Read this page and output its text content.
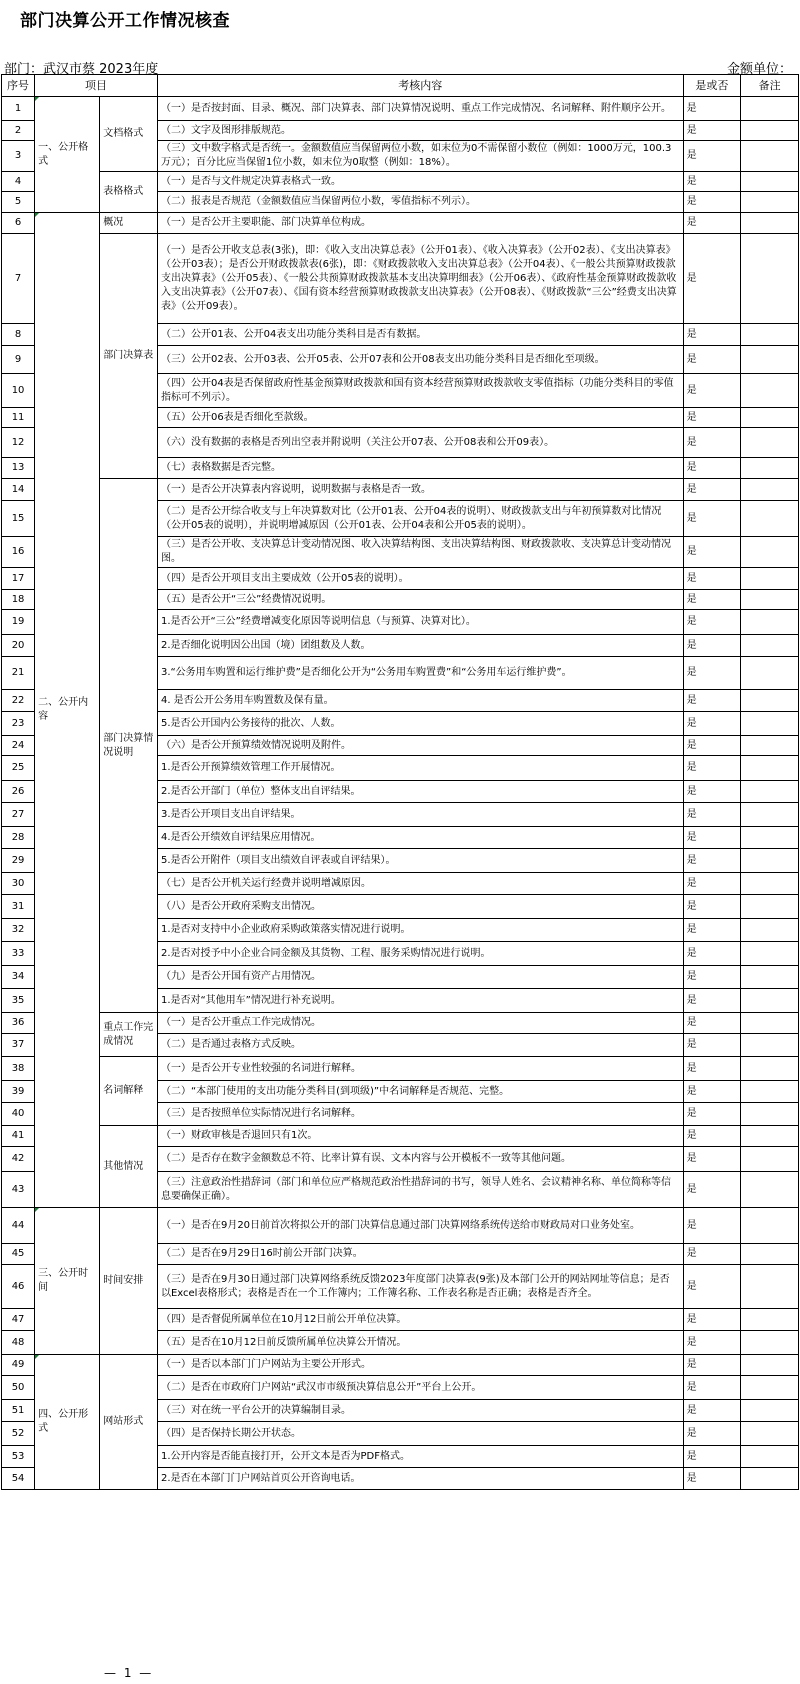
部门决算公开工作情况核查
部门：武汉市蔡 2023年度	金额单位：
序号	项目		考核内容	是或否	备注
1	一、公开格式	文档格式	（一）是否按封面、目录、概况、部门决算表、部门决算情况说明、重点工作完成情况、名词解释、附件顺序公开。	是	
2			（二）文字及图形排版规范。	是	
3			（三）文中数字格式是否统一。金额数值应当保留两位小数，如末位为0不需保留小数位（例如：1000万元，100.3万元）；百分比应当保留1位小数，如末位为0取整（例如：18%）。	是	
4		表格格式	（一）是否与文件规定决算表格式一致。	是	
5			（二）报表是否规范（金额数值应当保留两位小数，零值指标不列示）。	是	
6	二、公开内容	概况	（一）是否公开主要职能、部门决算单位构成。	是	
7		部门决算表	（一）是否公开收支总表(3张)，即：《收入支出决算总表》（公开01表）、《收入决算表》（公开02表）、《支出决算表》（公开03表）；是否公开财政拨款表(6张)，即：《财政拨款收入支出决算总表》（公开04表）、《一般公共预算财政拨款支出决算表》（公开05表）、《一般公共预算财政拨款基本支出决算明细表》（公开06表）、《政府性基金预算财政拨款收入支出决算表》（公开07表）、《国有资本经营预算财政拨款支出决算表》（公开08表）、《财政拨款“三公”经费支出决算表》（公开09表）。	是	
8			（二）公开01表、公开04表支出功能分类科目是否有数据。	是	
9			（三）公开02表、公开03表、公开05表、公开07表和公开08表支出功能分类科目是否细化至项级。	是	
10			（四）公开04表是否保留政府性基金预算财政拨款和国有资本经营预算财政拨款收支零值指标（功能分类科目的零值指标可不列示）。	是	
11			（五）公开06表是否细化至款级。	是	
12			（六）没有数据的表格是否列出空表并附说明（关注公开07表、公开08表和公开09表）。	是	
13			（七）表格数据是否完整。	是	
14		部门决算情况说明	（一）是否公开决算表内容说明，说明数据与表格是否一致。	是	
15			（二）是否公开综合收支与上年决算数对比（公开01表、公开04表的说明）、财政拨款支出与年初预算数对比情况（公开05表的说明），并说明增减原因（公开01表、公开04表和公开05表的说明）。	是	
16			（三）是否公开收、支决算总计变动情况图、收入决算结构图、支出决算结构图、财政拨款收、支决算总计变动情况图。	是	
17			（四）是否公开项目支出主要成效（公开05表的说明）。	是	
18			（五）是否公开“三公”经费情况说明。	是	
19			1.是否公开“三公”经费增减变化原因等说明信息（与预算、决算对比）。	是	
20			2.是否细化说明因公出国（境）团组数及人数。	是	
21			3.“公务用车购置和运行维护费”是否细化公开为“公务用车购置费”和“公务用车运行维护费”。	是	
22			4. 是否公开公务用车购置数及保有量。	是	
23			5.是否公开国内公务接待的批次、人数。	是	
24			（六）是否公开预算绩效情况说明及附件。	是	
25			1.是否公开预算绩效管理工作开展情况。	是	
26			2.是否公开部门（单位）整体支出自评结果。	是	
27			3.是否公开项目支出自评结果。	是	
28			4.是否公开绩效自评结果应用情况。	是	
29			5.是否公开附件（项目支出绩效自评表或自评结果）。	是	
30			（七）是否公开机关运行经费并说明增减原因。	是	
31			（八）是否公开政府采购支出情况。	是	
32			1.是否对支持中小企业政府采购政策落实情况进行说明。	是	
33			2.是否对授予中小企业合同金额及其货物、工程、服务采购情况进行说明。	是	
34			（九）是否公开国有资产占用情况。	是	
35			1.是否对“其他用车”情况进行补充说明。	是	
36		重点工作完成情况	（一）是否公开重点工作完成情况。	是	
37			（二）是否通过表格方式反映。	是	
38		名词解释	（一）是否公开专业性较强的名词进行解释。	是	
39			（二）“本部门使用的支出功能分类科目(到项级)”中名词解释是否规范、完整。	是	
40			（三）是否按照单位实际情况进行名词解释。	是	
41		其他情况	（一）财政审核是否退回只有1次。	是	
42			（二）是否存在数字金额数总不符、比率计算有误、文本内容与公开模板不一致等其他问题。	是	
43			（三）注意政治性措辞词（部门和单位应严格规范政治性措辞词的书写，领导人姓名、会议精神名称、单位简称等信息要确保正确）。	是	
44	三、公开时间	时间安排	（一）是否在9月20日前首次将拟公开的部门决算信息通过部门决算网络系统传送给市财政局对口业务处室。	是	
45			（二）是否在9月29日16时前公开部门决算。	是	
46			（三）是否在9月30日通过部门决算网络系统反馈2023年度部门决算表(9张)及本部门公开的网站网址等信息；是否以Excel表格形式；表格是否在一个工作簿内；工作簿名称、工作表名称是否正确；表格是否齐全。	是	
47			（四）是否督促所属单位在10月12日前公开单位决算。	是	
48			（五）是否在10月12日前反馈所属单位决算公开情况。	是	
49	四、公开形式	网站形式	（一）是否以本部门门户网站为主要公开形式。	是	
50			（二）是否在市政府门户网站“武汉市市级预决算信息公开”平台上公开。	是	
51			（三）对在统一平台公开的决算编制目录。	是	
52			（四）是否保持长期公开状态。	是	
53			1.公开内容是否能直接打开，公开文本是否为PDF格式。	是	
54			2.是否在本部门门户网站首页公开咨询电话。	是	
— 1 —
